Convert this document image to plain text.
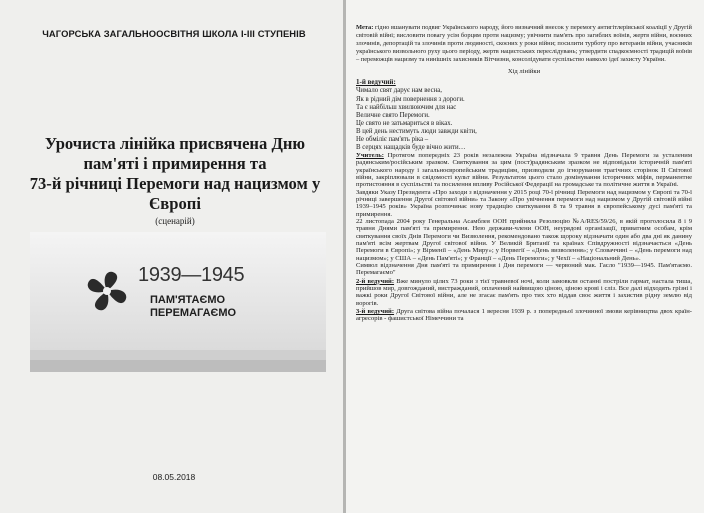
ЧАГОРСЬКА ЗАГАЛЬНООСВІТНЯ ШКОЛА І-ІІІ СТУПЕНІВ
Урочиста лінійка присвячена Дню
пам'яті і примирення та
73-й річниці Перемоги над нацизмом у
Європі
(сценарій)
1939—1945
ПАМ'ЯТАЄМО
ПЕРЕМАГАЄМО
08.05.2018
Мета: гідно вшанувати подвиг Українського народу, його визначний внесок у перемогу антигітлерівської коаліції у Другій світовій війні; висловити повагу усім борцям проти нацизму; увічнити пам'ять про загиблих воїнів, жертв війни, воєнних злочинів, депортацій та злочинів проти людяності, скоєних у роки війни; посилити турботу про ветеранів війни, учасників українського визвольного руху цього періоду, жертв нацистських переслідувань; утвердити спадкоємності традицій воїнів – переможців нацизму та нинішніх захисників Вітчизни, консолідувати суспільство навколо ідеї захисту України.
Хід лінійки
1-й ведучий:

Чимало свят дарує нам весна,

Як в рідний дім повернення з дороги.

Та є найбільш хвилюючим для нас

Величне свято Перемоги.

Це свято не затьмариться в віках.

В цей день нестимуть люди завжди квіти,

Не обміліє пам'ять ріка –

В серцях нащадків буде вічно жити…

Учитель: Протягом попередніх 23 років незалежна Україна відзначала 9 травня День Перемоги за усталеним радянським/російським зразком. Святкування за цим (пост)радянським зразком не відповідали історичній пам'яті українського народу і загальноєвропейським традиціям, призводили до ігнорування трагічних сторінок ІІ Світової війни, закріплювали в свідомості культ війни. Результатом цього стало домінування історичних міфів, перманентне протистояння в суспільстві та посилення впливу Російської Федерації на громадське та політичне життя в Україні.

Завдяки Указу Президента «Про заходи з відзначення у 2015 році 70-ї річниці Перемоги над нацизмом у Європі та 70-ї річниці завершення Другої світової війни» та Закону «Про увічнення перемоги над нацизмом у Другій світовій війні 1939–1945 років» Україна розпочинає нову традицію святкування 8 та 9 травня в європейському дусі пам'яті та примирення.

22 листопада 2004 року Генеральна Асамблея ООН прийняла Резолюцію №A/RES/59/26, в якій проголосила 8 і 9 травня Днями пам'яті та примирення. Нею держави-члени ООН, неурядові організації, приватним особам, крім святкування своїх Днів Перемоги чи Визволення, рекомендовано також щороку відзначати один або два дні як данину пам'яті всім жертвам Другої світової війни. У Великій Британії та країнах Співдружності відзначається «День Перемоги в Європі»; у Вірменії – «День Миру»; у Норвегії – «День визволення»; у Словаччині – «День перемоги над нацизмом»; у США – «День Пам'яті»; у Франції – «День Перемоги»; у Чехії – «Національний День».

Символ відзначення Дня пам'яті та примирення і Дня перемоги — червоний мак. Гасло "1939—1945. Пам'ятаємо. Перемагаємо"

2-й ведучий: Вже минуло цілих 73 роки з тієї травневої ночі, коли замовкли останні постріли гармат, настала тиша, прийшов мир, довгожданий, вистражданий, оплачений найвищою ціною, ціною крові і сліз. Все далі відходять грізні і важкі роки Другої Світової війни, але не згасає пам'ять про тих хто віддав своє життя і захистив рідну землю від ворогів.

3-й ведучий: Друга світова війна почалася 1 вересня 1939 р. з попередньої злочинної змови керівництва двох країн-агресорів - фашистської Німеччини та
